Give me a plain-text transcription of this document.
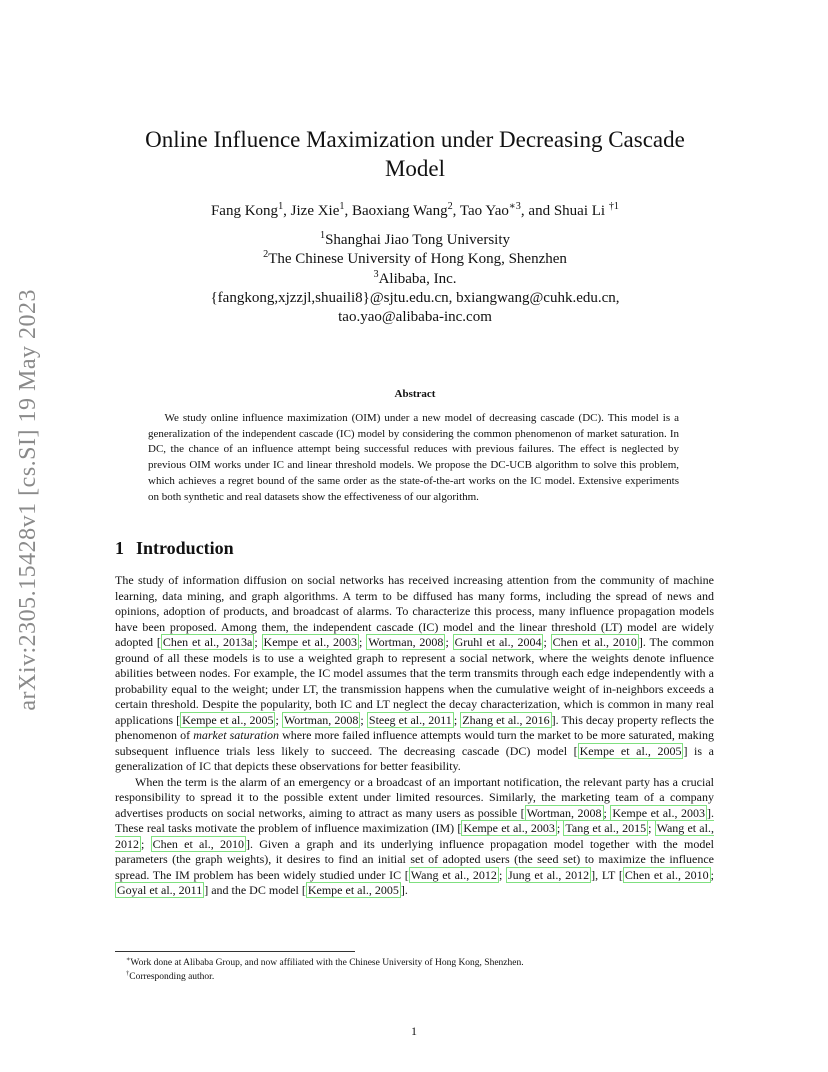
arXiv:2305.15428v1 [cs.SI] 19 May 2023
Online Influence Maximization under Decreasing Cascade
Model
Fang Kong$^1$, Jize Xie$^1$, Baoxiang Wang$^2$, Tao Yao$^{∗3}$, and Shuai Li $^{\dagger 1}$
$^1$Shanghai Jiao Tong University
$^2$The Chinese University of Hong Kong, Shenzhen
$^3$Alibaba, Inc.
{fangkong,xjzzjl,shuaili8}@sjtu.edu.cn, bxiangwang@cuhk.edu.cn,
tao.yao@alibaba-inc.com
Abstract

We study online influence maximization (OIM) under a new model of decreasing cascade (DC). This model is a generalization of the independent cascade (IC) model by considering the common phenomenon of market saturation. In DC, the chance of an influence attempt being successful reduces with previous failures. The effect is neglected by previous OIM works under IC and linear threshold models. We propose the DC-UCB algorithm to solve this problem, which achieves a regret bound of the same order as the state-of-the-art works on the IC model. Extensive experiments on both synthetic and real datasets show the effectiveness of our algorithm.

1 Introduction

The study of information diffusion on social networks has received increasing attention from the community of machine learning, data mining, and graph algorithms. A term to be diffused has many forms, including the spread of news and opinions, adoption of products, and broadcast of alarms. To characterize this process, many influence propagation models have been proposed. Among them, the independent cascade (IC) model and the linear threshold (LT) model are widely adopted [ Chen et al., 2013a ; Kempe et al., 2003 ; Wortman, 2008 ; Gruhl et al., 2004 ; Chen et al., 2010 ]. The common ground of all these models is to use a weighted graph to represent a social network, where the weights denote influence abilities between nodes. For example, the IC model assumes that the term transmits through each edge independently with a probability equal to the weight; under LT, the transmission happens when the cumulative weight of in-neighbors exceeds a certain threshold. Despite the popularity, both IC and LT neglect the decay characterization, which is common in many real applications [ Kempe et al., 2005 ; Wortman, 2008 ; Steeg et al., 2011 ; Zhang et al., 2016 ]. This decay property reflects the phenomenon of market saturation where more failed influence attempts would turn the market to be more saturated, making subsequent influence trials less likely to succeed. The decreasing cascade (DC) model [ Kempe et al., 2005 ] is a generalization of IC that depicts these observations for better feasibility.

When the term is the alarm of an emergency or a broadcast of an important notification, the relevant party has a crucial responsibility to spread it to the possible extent under limited resources. Similarly, the marketing team of a company advertises products on social networks, aiming to attract as many users as possible [ Wortman, 2008 ; Kempe et al., 2003 ]. These real tasks motivate the problem of influence maximization (IM) [ Kempe et al., 2003 ; Tang et al., 2015 ; Wang et al., 2012 ; Chen et al., 2010 ]. Given a graph and its underlying influence propagation model together with the model parameters (the graph weights), it desires to find an initial set of adopted users (the seed set) to maximize the influence spread. The IM problem has been widely studied under IC [ Wang et al., 2012 ; Jung et al., 2012 ], LT [ Chen et al., 2010 ; Goyal et al., 2011 ] and the DC model [ Kempe et al., 2005 ].

∗Work done at Alibaba Group, and now affiliated with the Chinese University of Hong Kong, Shenzhen.

†Corresponding author.

1
